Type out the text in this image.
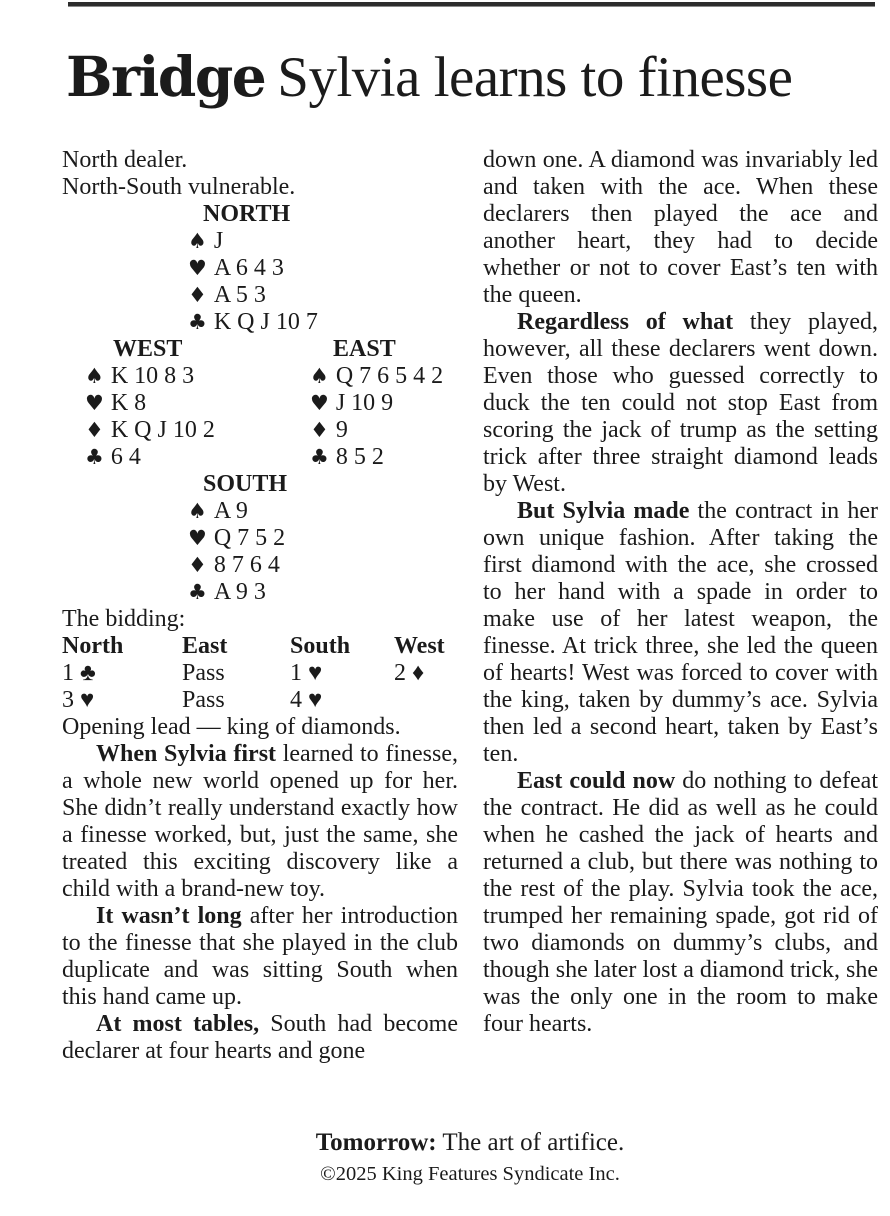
Bridge Sylvia learns to finesse
North dealer.
North-South vulnerable.
NORTH
♠ J
♥ A 6 4 3
♦ A 5 3
♣ K Q J 10 7
WEST
♠ K 10 8 3
♥ K 8
♦ K Q J 10 2
♣ 6 4
EAST
♠ Q 7 6 5 4 2
♥ J 10 9
♦ 9
♣ 8 5 2
SOUTH
♠ A 9
♥ Q 7 5 2
♦ 8 7 6 4
♣ A 9 3
The bidding:
North	East	South	West
1 ♣	Pass	1 ♥	2 ♦
3 ♥	Pass	4 ♥
Opening lead — king of diamonds.

When Sylvia first learned to finesse, a whole new world opened up for her. She didn’t really understand exactly how a finesse worked, but, just the same, she treated this exciting discovery like a child with a brand-new toy.

It wasn’t long after her introduction to the finesse that she played in the club duplicate and was sitting South when this hand came up.

At most tables, South had become declarer at four hearts and gone

down one. A diamond was invariably led and taken with the ace. When these declarers then played the ace and another heart, they had to decide whether or not to cover East’s ten with the queen.

Regardless of what they played, however, all these declarers went down. Even those who guessed correctly to duck the ten could not stop East from scoring the jack of trump as the setting trick after three straight diamond leads by West.

But Sylvia made the contract in her own unique fashion. After taking the first diamond with the ace, she crossed to her hand with a spade in order to make use of her latest weapon, the finesse. At trick three, she led the queen of hearts! West was forced to cover with the king, taken by dummy’s ace. Sylvia then led a second heart, taken by East’s ten.

East could now do nothing to defeat the contract. He did as well as he could when he cashed the jack of hearts and returned a club, but there was nothing to the rest of the play. Sylvia took the ace, trumped her remaining spade, got rid of two diamonds on dummy’s clubs, and though she later lost a diamond trick, she was the only one in the room to make four hearts.

Tomorrow: The art of artifice.
©2025 King Features Syndicate Inc.
